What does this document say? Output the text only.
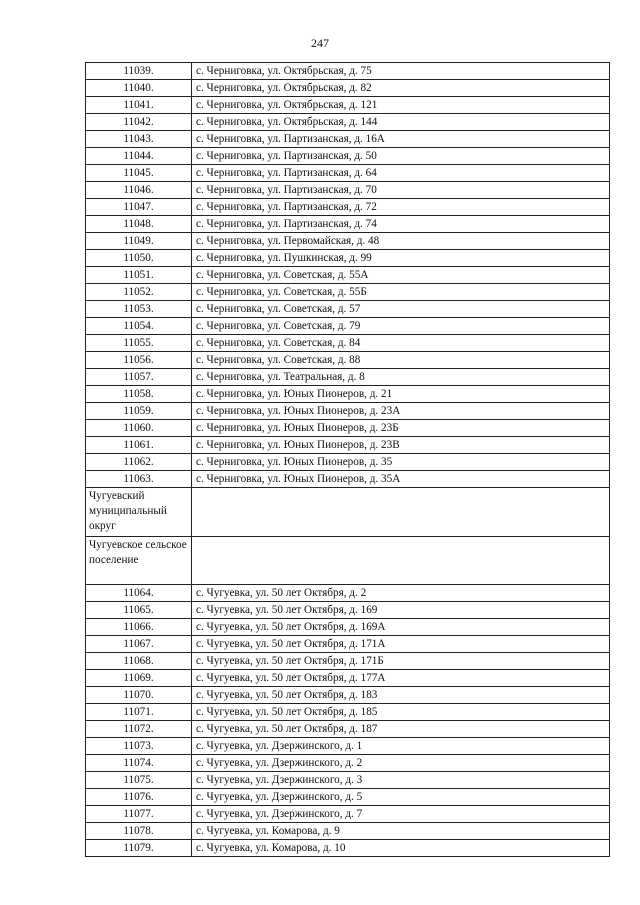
247
11039.	с. Черниговка, ул. Октябрьская, д. 75
11040.	с. Черниговка, ул. Октябрьская, д. 82
11041.	с. Черниговка, ул. Октябрьская, д. 121
11042.	с. Черниговка, ул. Октябрьская, д. 144
11043.	с. Черниговка, ул. Партизанская, д. 16А
11044.	с. Черниговка, ул. Партизанская, д. 50
11045.	с. Черниговка, ул. Партизанская, д. 64
11046.	с. Черниговка, ул. Партизанская, д. 70
11047.	с. Черниговка, ул. Партизанская, д. 72
11048.	с. Черниговка, ул. Партизанская, д. 74
11049.	с. Черниговка, ул. Первомайская, д. 48
11050.	с. Черниговка, ул. Пушкинская, д. 99
11051.	с. Черниговка, ул. Советская, д. 55А
11052.	с. Черниговка, ул. Советская, д. 55Б
11053.	с. Черниговка, ул. Советская, д. 57
11054.	с. Черниговка, ул. Советская, д. 79
11055.	с. Черниговка, ул. Советская, д. 84
11056.	с. Черниговка, ул. Советская, д. 88
11057.	с. Черниговка, ул. Театральная, д. 8
11058.	с. Черниговка, ул. Юных Пионеров, д. 21
11059.	с. Черниговка, ул. Юных Пионеров, д. 23А
11060.	с. Черниговка, ул. Юных Пионеров, д. 23Б
11061.	с. Черниговка, ул. Юных Пионеров, д. 23В
11062.	с. Черниговка, ул. Юных Пионеров, д. 35
11063.	с. Черниговка, ул. Юных Пионеров, д. 35А
Чугуевский муниципальный округ	
Чугуевское сельское поселение	
11064.	с. Чугуевка, ул. 50 лет Октября, д. 2
11065.	с. Чугуевка, ул. 50 лет Октября, д. 169
11066.	с. Чугуевка, ул. 50 лет Октября, д. 169А
11067.	с. Чугуевка, ул. 50 лет Октября, д. 171А
11068.	с. Чугуевка, ул. 50 лет Октября, д. 171Б
11069.	с. Чугуевка, ул. 50 лет Октября, д. 177А
11070.	с. Чугуевка, ул. 50 лет Октября, д. 183
11071.	с. Чугуевка, ул. 50 лет Октября, д. 185
11072.	с. Чугуевка, ул. 50 лет Октября, д. 187
11073.	с. Чугуевка, ул. Дзержинского, д. 1
11074.	с. Чугуевка, ул. Дзержинского, д. 2
11075.	с. Чугуевка, ул. Дзержинского, д. 3
11076.	с. Чугуевка, ул. Дзержинского, д. 5
11077.	с. Чугуевка, ул. Дзержинского, д. 7
11078.	с. Чугуевка, ул. Комарова, д. 9
11079.	с. Чугуевка, ул. Комарова, д. 10
